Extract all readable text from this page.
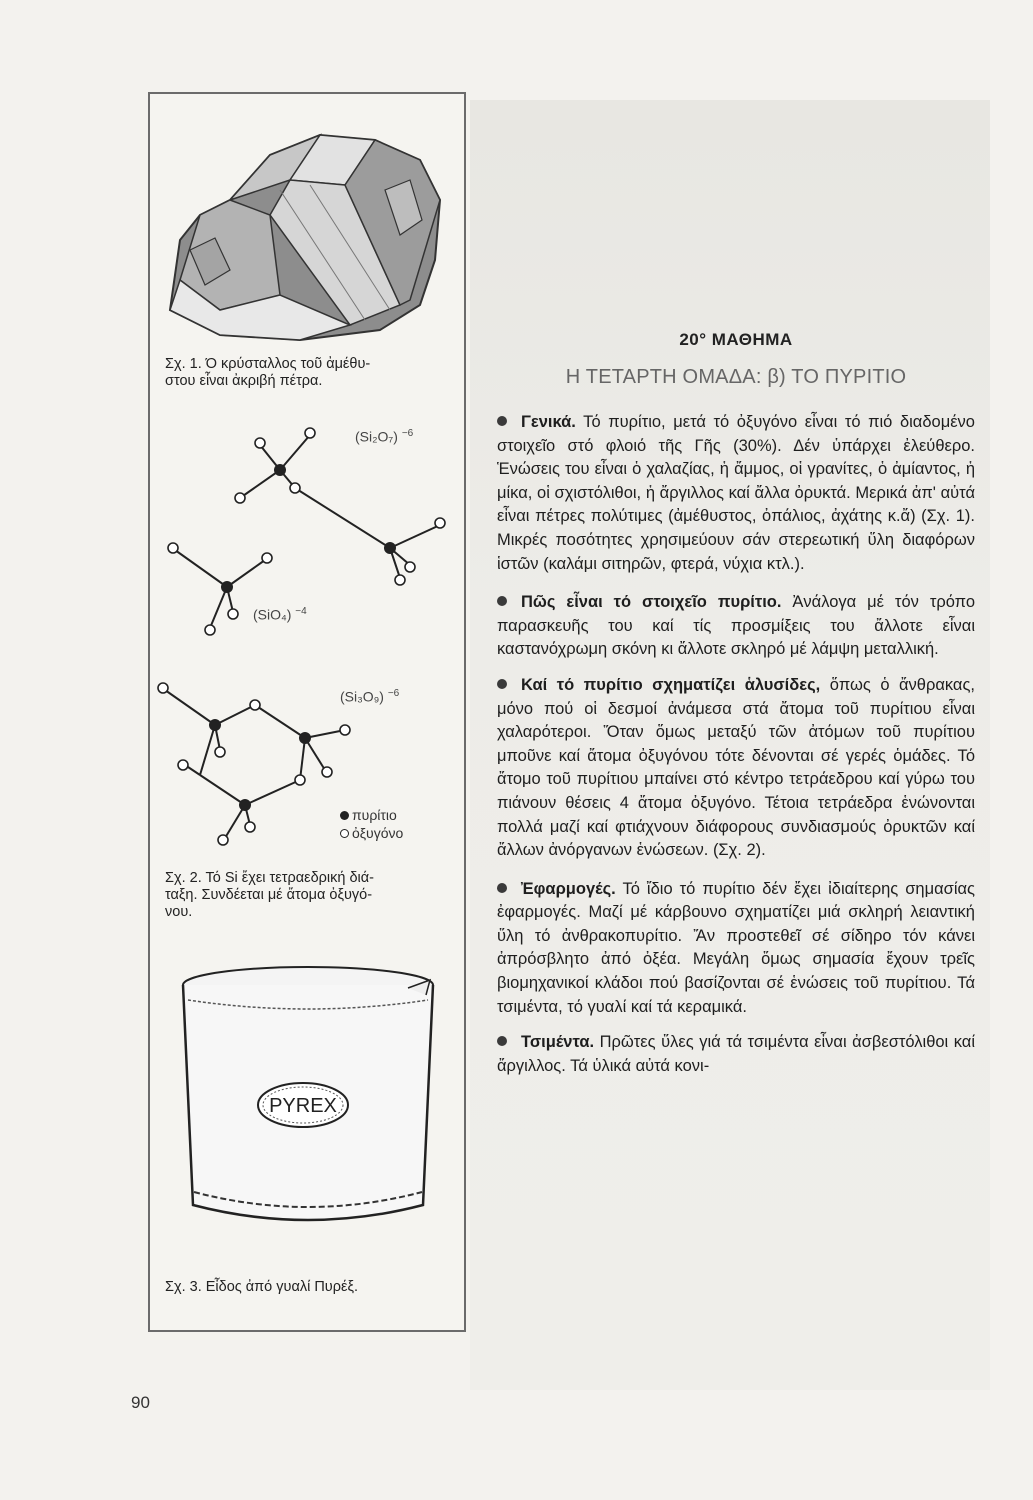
Σχ. 1. Ό κρύσταλλος τοῦ ἀμέθυ-
στου εἶναι ἀκριβή πέτρα.
(Si₂O₇) $^{-6}$
(SiO₄) $^{-4}$
(Si₃O₉) $^{-6}$
πυρίτιο
ὀξυγόνο
Σχ. 2. Τό Si ἔχει τετραεδρική διά-
ταξη. Συνδέεται μέ ἄτομα ὀξυγό-
νου.
PYREX
Σχ. 3. Εἶδος ἀπό γυαλί Πυρέξ.
20° ΜΑΘΗΜΑ
Η ΤΕΤΑΡΤΗ ΟΜΑΔΑ: β) ΤΟ ΠΥΡΙΤΙΟ

Γενικά. Τό πυρίτιο, μετά τό ὀξυγόνο εἶναι τό πιό διαδομένο στοιχεῖο στό φλοιό τῆς Γῆς (30%). Δέν ὑπάρχει ἐλεύθερο. Ἑνώσεις του εἶναι ὁ χαλαζίας, ἡ ἄμμος, οἱ γρανίτες, ὁ ἀμίαντος, ἡ μίκα, οἱ σχιστόλιθοι, ἡ ἄργιλλος καί ἄλλα ὀρυκτά. Μερικά ἀπ' αὐτά εἶναι πέτρες πολύτιμες (ἀμέθυστος, ὀπάλιος, ἀχάτης κ.ἄ) (Σχ. 1). Μικρές ποσότητες χρησιμεύουν σάν στερεωτική ὕλη διαφόρων ἱστῶν (καλάμι σιτηρῶν, φτερά, νύχια κτλ.).

Πῶς εἶναι τό στοιχεῖο πυρίτιο. Ἀνάλογα μέ τόν τρόπο παρασκευῆς του καί τίς προσμίξεις του ἄλλοτε εἶναι καστανόχρωμη σκόνη κι ἄλλοτε σκληρό μέ λάμψη μεταλλική.

Καί τό πυρίτιο σχηματίζει ἁλυσίδες, ὅπως ὁ ἄνθρακας, μόνο πού οἱ δεσμοί ἀνάμεσα στά ἄτομα τοῦ πυρίτιου εἶναι χαλαρότεροι. Ὅταν ὅμως μεταξύ τῶν ἀτόμων τοῦ πυρίτιου μποῦνε καί ἄτομα ὀξυγόνου τότε δένονται σέ γερές ὁμάδες. Τό ἄτομο τοῦ πυρίτιου μπαίνει στό κέντρο τετράεδρου καί γύρω του πιάνουν θέσεις 4 ἄτομα ὀξυγόνο. Τέτοια τετράεδρα ἑνώνονται πολλά μαζί καί φτιάχνουν διάφορους συνδιασμούς ὀρυκτῶν καί ἄλλων ἀνόργανων ἑνώσεων. (Σχ. 2).

Ἐφαρμογές. Τό ἴδιο τό πυρίτιο δέν ἔχει ἰδιαίτερης σημασίας ἐφαρμογές. Μαζί μέ κάρβουνο σχηματίζει μιά σκληρή λειαντική ὕλη τό ἀνθρακοπυρίτιο. Ἄν προστεθεῖ σέ σίδηρο τόν κάνει ἀπρόσβλητο ἀπό ὀξέα. Μεγάλη ὅμως σημασία ἔχουν τρεῖς βιομηχανικοί κλάδοι πού βασίζονται σέ ἑνώσεις τοῦ πυρίτιου. Τά τσιμέντα, τό γυαλί καί τά κεραμικά.

Τσιμέντα. Πρῶτες ὕλες γιά τά τσιμέντα εἶναι ἀσβεστόλιθοι καί ἄργιλλος. Τά ὑλικά αὐτά κονι-

90
